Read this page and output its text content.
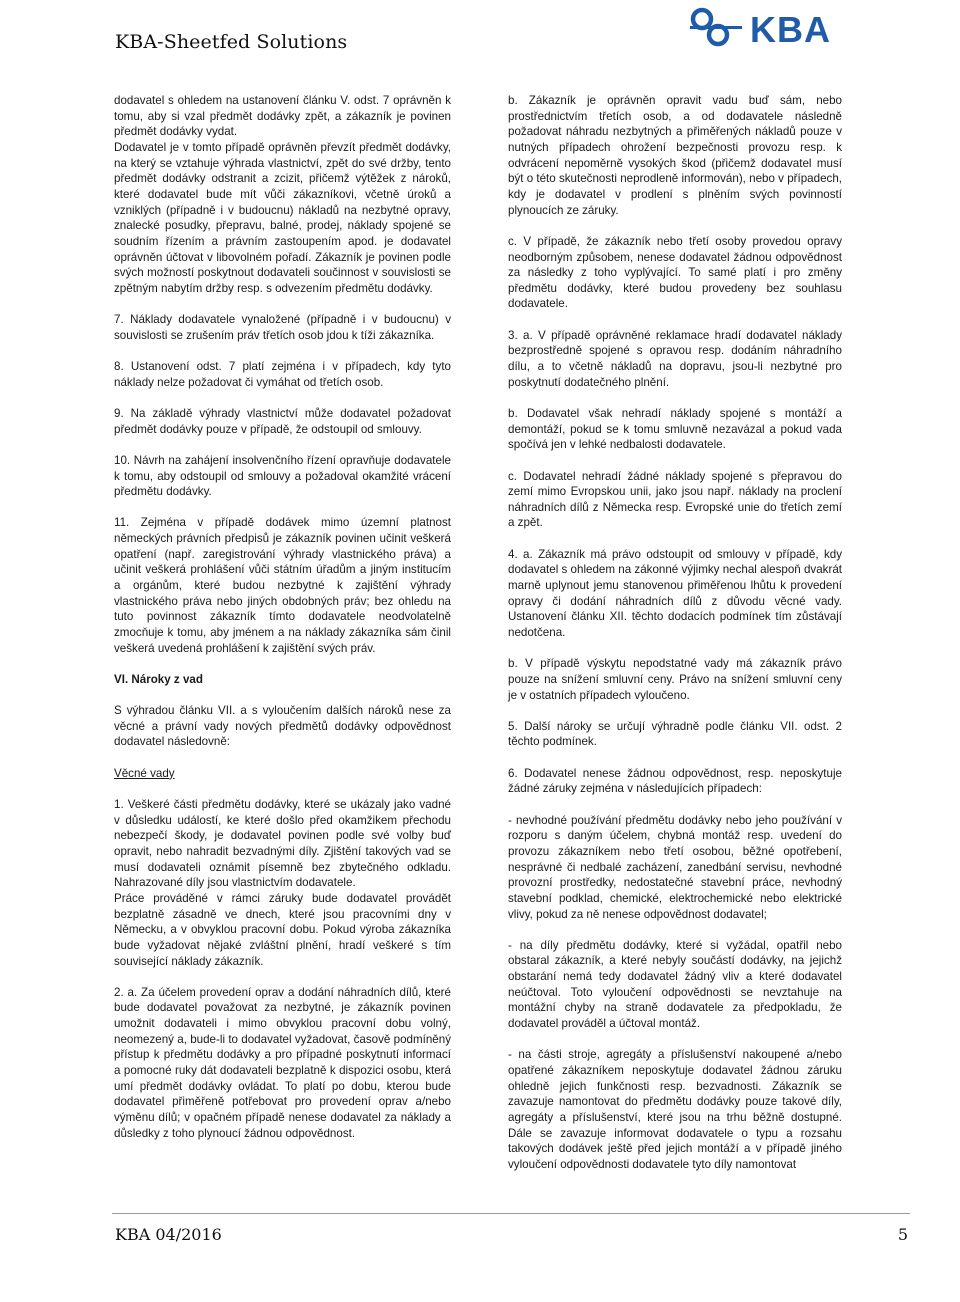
KBA-Sheetfed Solutions	KBA

dodavatel s ohledem na ustanovení článku V. odst. 7 oprávněn k tomu, aby si vzal předmět dodávky zpět, a zákazník je povinen předmět dodávky vydat.

Dodavatel je v tomto případě oprávněn převzít předmět dodávky, na který se vztahuje výhrada vlastnictví, zpět do své držby, tento předmět dodávky odstranit a zcizit, přičemž výtěžek z nároků, které dodavatel bude mít vůči zákazníkovi, včetně úroků a vzniklých (případně i v budoucnu) nákladů na nezbytné opravy, znalecké posudky, přepravu, balné, prodej, náklady spojené se soudním řízením a právním zastoupením apod. je dodavatel oprávněn účtovat v libovolném pořadí. Zákazník je povinen podle svých možností poskytnout dodavateli součinnost v souvislosti se zpětným nabytím držby resp. s odvezením předmětu dodávky.

7. Náklady dodavatele vynaložené (případně i v budoucnu) v souvislosti se zrušením práv třetích osob jdou k tíži zákazníka.

8. Ustanovení odst. 7 platí zejména i v případech, kdy tyto náklady nelze požadovat či vymáhat od třetích osob.

9. Na základě výhrady vlastnictví může dodavatel požadovat předmět dodávky pouze v případě, že odstoupil od smlouvy.

10. Návrh na zahájení insolvenčního řízení opravňuje dodavatele k tomu, aby odstoupil od smlouvy a požadoval okamžité vrácení předmětu dodávky.

11. Zejména v případě dodávek mimo územní platnost německých právních předpisů je zákazník povinen učinit veškerá opatření (např. zaregistrování výhrady vlastnického práva) a učinit veškerá prohlášení vůči státním úřadům a jiným institucím a orgánům, které budou nezbytné k zajištění výhrady vlastnického práva nebo jiných obdobných práv; bez ohledu na tuto povinnost zákazník tímto dodavatele neodvolatelně zmocňuje k tomu, aby jménem a na náklady zákazníka sám činil veškerá uvedená prohlášení k zajištění svých práv.

VI. Nároky z vad

S výhradou článku VII. a s vyloučením dalších nároků nese za věcné a právní vady nových předmětů dodávky odpovědnost dodavatel následovně:

Věcné vady

1. Veškeré části předmětu dodávky, které se ukázaly jako vadné v důsledku událostí, ke které došlo před okamžikem přechodu nebezpečí škody, je dodavatel povinen podle své volby buď opravit, nebo nahradit bezvadnými díly. Zjištění takových vad se musí dodavateli oznámit písemně bez zbytečného odkladu. Nahrazované díly jsou vlastnictvím dodavatele.

Práce prováděné v rámci záruky bude dodavatel provádět bezplatně zásadně ve dnech, které jsou pracovními dny v Německu, a v obvyklou pracovní dobu. Pokud výroba zákazníka bude vyžadovat nějaké zvláštní plnění, hradí veškeré s tím související náklady zákazník.

2. a. Za účelem provedení oprav a dodání náhradních dílů, které bude dodavatel považovat za nezbytné, je zákazník povinen umožnit dodavateli i mimo obvyklou pracovní dobu volný, neomezený a, bude-li to dodavatel vyžadovat, časově podmíněný přístup k předmětu dodávky a pro případné poskytnutí informací a pomocné ruky dát dodavateli bezplatně k dispozici osobu, která umí předmět dodávky ovládat. To platí po dobu, kterou bude dodavatel přiměřeně potřebovat pro provedení oprav a/nebo výměnu dílů; v opačném případě nenese dodavatel za náklady a důsledky z toho plynoucí žádnou odpovědnost.

b. Zákazník je oprávněn opravit vadu buď sám, nebo prostřednictvím třetích osob, a od dodavatele následně požadovat náhradu nezbytných a přiměřených nákladů pouze v nutných případech ohrožení bezpečnosti provozu resp. k odvrácení nepoměrně vysokých škod (přičemž dodavatel musí být o této skutečnosti neprodleně informován), nebo v případech, kdy je dodavatel v prodlení s plněním svých povinností plynoucích ze záruky.

c. V případě, že zákazník nebo třetí osoby provedou opravy neodborným způsobem, nenese dodavatel žádnou odpovědnost za následky z toho vyplývající. To samé platí i pro změny předmětu dodávky, které budou provedeny bez souhlasu dodavatele.

3. a. V případě oprávněné reklamace hradí dodavatel náklady bezprostředně spojené s opravou resp. dodáním náhradního dílu, a to včetně nákladů na dopravu, jsou-li nezbytné pro poskytnutí dodatečného plnění.

b. Dodavatel však nehradí náklady spojené s montáží a demontáží, pokud se k tomu smluvně nezavázal a pokud vada spočívá jen v lehké nedbalosti dodavatele.

c. Dodavatel nehradí žádné náklady spojené s přepravou do zemí mimo Evropskou unii, jako jsou např. náklady na proclení náhradních dílů z Německa resp. Evropské unie do třetích zemí a zpět.

4. a. Zákazník má právo odstoupit od smlouvy v případě, kdy dodavatel s ohledem na zákonné výjimky nechal alespoň dvakrát marně uplynout jemu stanovenou přiměřenou lhůtu k provedení opravy či dodání náhradních dílů z důvodu věcné vady. Ustanovení článku XII. těchto dodacích podmínek tím zůstávají nedotčena.

b. V případě výskytu nepodstatné vady má zákazník právo pouze na snížení smluvní ceny. Právo na snížení smluvní ceny je v ostatních případech vyloučeno.

5. Další nároky se určují výhradně podle článku VII. odst. 2 těchto podmínek.

6. Dodavatel nenese žádnou odpovědnost, resp. neposkytuje žádné záruky zejména v následujících případech:

- nevhodné používání předmětu dodávky nebo jeho používání v rozporu s daným účelem, chybná montáž resp. uvedení do provozu zákazníkem nebo třetí osobou, běžné opotřebení, nesprávné či nedbalé zacházení, zanedbání servisu, nevhodné provozní prostředky, nedostatečné stavební práce, nevhodný stavební podklad, chemické, elektrochemické nebo elektrické vlivy, pokud za ně nenese odpovědnost dodavatel;

- na díly předmětu dodávky, které si vyžádal, opatřil nebo obstaral zákazník, a které nebyly součástí dodávky, na jejichž obstarání nemá tedy dodavatel žádný vliv a které dodavatel neúčtoval. Toto vyloučení odpovědnosti se nevztahuje na montážní chyby na straně dodavatele za předpokladu, že dodavatel prováděl a účtoval montáž.

- na části stroje, agregáty a příslušenství nakoupené a/nebo opatřené zákazníkem neposkytuje dodavatel žádnou záruku ohledně jejich funkčnosti resp. bezvadnosti. Zákazník se zavazuje namontovat do předmětu dodávky pouze takové díly, agregáty a příslušenství, které jsou na trhu běžně dostupné. Dále se zavazuje informovat dodavatele o typu a rozsahu takových dodávek ještě před jejich montáží a v případě jiného vyloučení odpovědnosti dodavatele tyto díly namontovat

KBA 04/2016	5
